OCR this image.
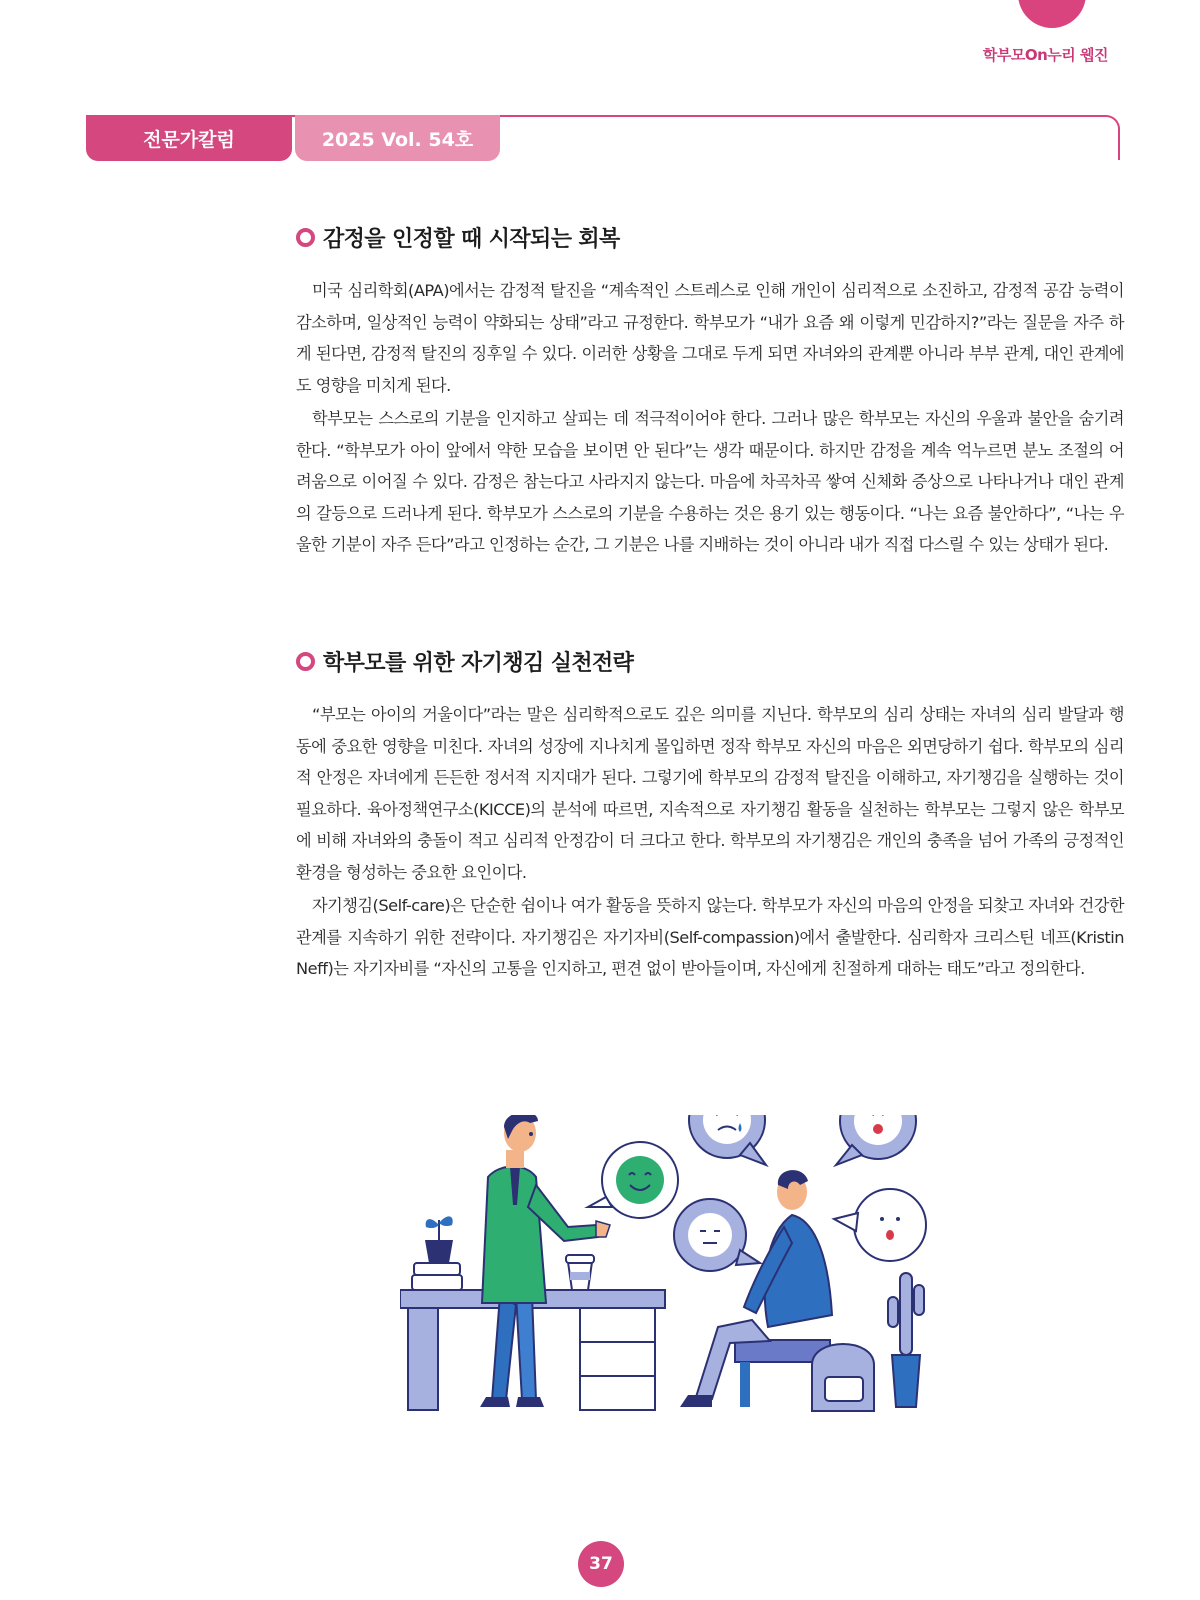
학부모On누리 웹진
전문가칼럼	2025 Vol. 54호
감정을 인정할 때 시작되는 회복

미국 심리학회(APA)에서는 감정적 탈진을 “계속적인 스트레스로 인해 개인이 심리적으로 소진하고, 감정적 공감 능력이 감소하며, 일상적인 능력이 약화되는 상태”라고 규정한다. 학부모가 “내가 요즘 왜 이렇게 민감하지?”라는 질문을 자주 하게 된다면, 감정적 탈진의 징후일 수 있다. 이러한 상황을 그대로 두게 되면 자녀와의 관계뿐 아니라 부부 관계, 대인 관계에도 영향을 미치게 된다.

학부모는 스스로의 기분을 인지하고 살피는 데 적극적이어야 한다. 그러나 많은 학부모는 자신의 우울과 불안을 숨기려 한다. “학부모가 아이 앞에서 약한 모습을 보이면 안 된다”는 생각 때문이다. 하지만 감정을 계속 억누르면 분노 조절의 어려움으로 이어질 수 있다. 감정은 참는다고 사라지지 않는다. 마음에 차곡차곡 쌓여 신체화 증상으로 나타나거나 대인 관계의 갈등으로 드러나게 된다. 학부모가 스스로의 기분을 수용하는 것은 용기 있는 행동이다. “나는 요즘 불안하다”, “나는 우울한 기분이 자주 든다”라고 인정하는 순간, 그 기분은 나를 지배하는 것이 아니라 내가 직접 다스릴 수 있는 상태가 된다.

학부모를 위한 자기챙김 실천전략

“부모는 아이의 거울이다”라는 말은 심리학적으로도 깊은 의미를 지닌다. 학부모의 심리 상태는 자녀의 심리 발달과 행동에 중요한 영향을 미친다. 자녀의 성장에 지나치게 몰입하면 정작 학부모 자신의 마음은 외면당하기 쉽다. 학부모의 심리적 안정은 자녀에게 든든한 정서적 지지대가 된다. 그렇기에 학부모의 감정적 탈진을 이해하고, 자기챙김을 실행하는 것이 필요하다. 육아정책연구소(KICCE)의 분석에 따르면, 지속적으로 자기챙김 활동을 실천하는 학부모는 그렇지 않은 학부모에 비해 자녀와의 충돌이 적고 심리적 안정감이 더 크다고 한다. 학부모의 자기챙김은 개인의 충족을 넘어 가족의 긍정적인 환경을 형성하는 중요한 요인이다.

자기챙김(Self-care)은 단순한 쉼이나 여가 활동을 뜻하지 않는다. 학부모가 자신의 마음의 안정을 되찾고 자녀와 건강한 관계를 지속하기 위한 전략이다. 자기챙김은 자기자비(Self-compassion)에서 출발한다. 심리학자 크리스틴 네프(Kristin Neff)는 자기자비를 “자신의 고통을 인지하고, 편견 없이 받아들이며, 자신에게 친절하게 대하는 태도”라고 정의한다.

37
